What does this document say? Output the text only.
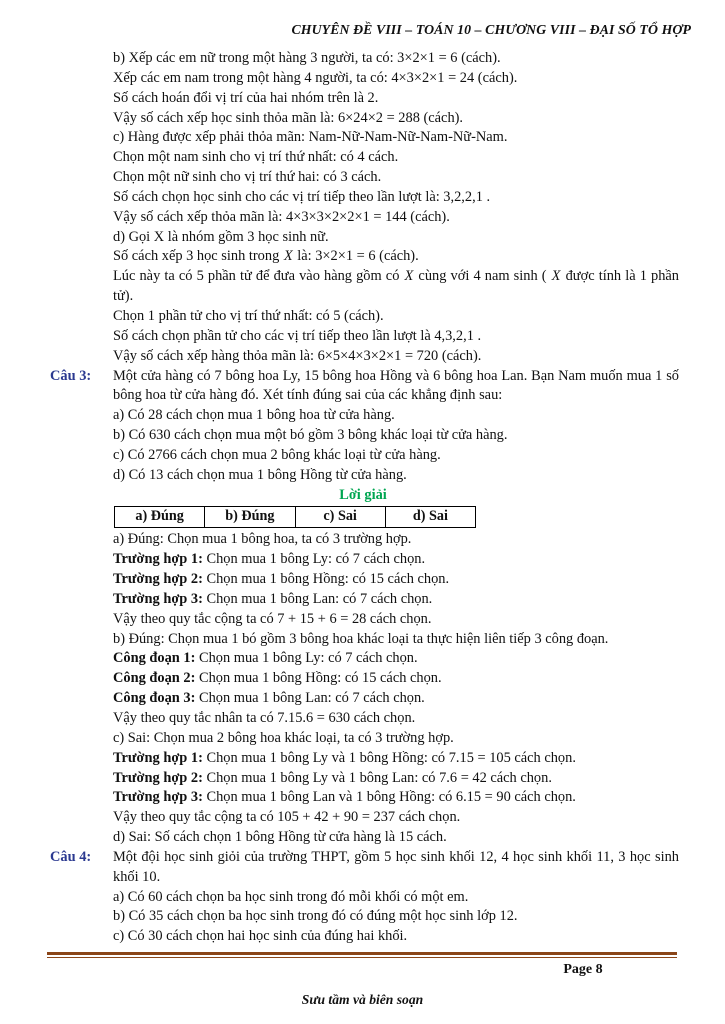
CHUYÊN ĐỀ VIII – TOÁN 10 – CHƯƠNG VIII – ĐẠI SỐ TỔ HỢP

b) Xếp các em nữ trong một hàng 3 người, ta có: 3×2×1 = 6 (cách).

Xếp các em nam trong một hàng 4 người, ta có: 4×3×2×1 = 24 (cách).

Số cách hoán đổi vị trí của hai nhóm trên là 2.

Vậy số cách xếp học sinh thỏa mãn là: 6×24×2 = 288 (cách).

c) Hàng được xếp phải thỏa mãn: Nam-Nữ-Nam-Nữ-Nam-Nữ-Nam.

Chọn một nam sinh cho vị trí thứ nhất: có 4 cách.

Chọn một nữ sinh cho vị trí thứ hai: có 3 cách.

Số cách chọn học sinh cho các vị trí tiếp theo lần lượt là: 3,2,2,1 .

Vậy số cách xếp thỏa mãn là: 4×3×3×2×2×1 = 144 (cách).

d) Gọi X là nhóm gồm 3 học sinh nữ.

Số cách xếp 3 học sinh trong X là: 3×2×1 = 6 (cách).

Lúc này ta có 5 phần tử để đưa vào hàng gồm có X cùng với 4 nam sinh ( X được tính là 1 phần tử).

Chọn 1 phần tử cho vị trí thứ nhất: có 5 (cách).

Số cách chọn phần tử cho các vị trí tiếp theo lần lượt là 4,3,2,1 .

Vậy số cách xếp hàng thỏa mãn là: 6×5×4×3×2×1 = 720 (cách).

Câu 3:	Một cửa hàng có 7 bông hoa Ly, 15 bông hoa Hồng và 6 bông hoa Lan. Bạn Nam muốn mua 1 số bông hoa từ cửa hàng đó. Xét tính đúng sai của các khẳng định sau:

a) Có 28 cách chọn mua 1 bông hoa từ cửa hàng.

b) Có 630 cách chọn mua một bó gồm 3 bông khác loại từ cửa hàng.

c) Có 2766 cách chọn mua 2 bông khác loại từ cửa hàng.

d) Có 13 cách chọn mua 1 bông Hồng từ cửa hàng.

Lời giải

a) Đúng	b) Đúng	c) Sai	d) Sai

a) Đúng: Chọn mua 1 bông hoa, ta có 3 trường hợp.

Trường hợp 1: Chọn mua 1 bông Ly: có 7 cách chọn.

Trường hợp 2: Chọn mua 1 bông Hồng: có 15 cách chọn.

Trường hợp 3: Chọn mua 1 bông Lan: có 7 cách chọn.

Vậy theo quy tắc cộng ta có 7 + 15 + 6 = 28 cách chọn.

b) Đúng: Chọn mua 1 bó gồm 3 bông hoa khác loại ta thực hiện liên tiếp 3 công đoạn.

Công đoạn 1: Chọn mua 1 bông Ly: có 7 cách chọn.

Công đoạn 2: Chọn mua 1 bông Hồng: có 15 cách chọn.

Công đoạn 3: Chọn mua 1 bông Lan: có 7 cách chọn.

Vậy theo quy tắc nhân ta có 7.15.6 = 630 cách chọn.

c) Sai: Chọn mua 2 bông hoa khác loại, ta có 3 trường hợp.

Trường hợp 1: Chọn mua 1 bông Ly và 1 bông Hồng: có 7.15 = 105 cách chọn.

Trường hợp 2: Chọn mua 1 bông Ly và 1 bông Lan: có 7.6 = 42 cách chọn.

Trường hợp 3: Chọn mua 1 bông Lan và 1 bông Hồng: có 6.15 = 90 cách chọn.

Vậy theo quy tắc cộng ta có 105 + 42 + 90 = 237 cách chọn.

d) Sai: Số cách chọn 1 bông Hồng từ cửa hàng là 15 cách.

Câu 4:	Một đội học sinh giỏi của trường THPT, gồm 5 học sinh khối 12, 4 học sinh khối 11, 3 học sinh khối 10.

a) Có 60 cách chọn ba học sinh trong đó mỗi khối có một em.

b) Có 35 cách chọn ba học sinh trong đó có đúng một học sinh lớp 12.

c) Có 30 cách chọn hai học sinh của đúng hai khối.

Page 8
Sưu tầm và biên soạn
